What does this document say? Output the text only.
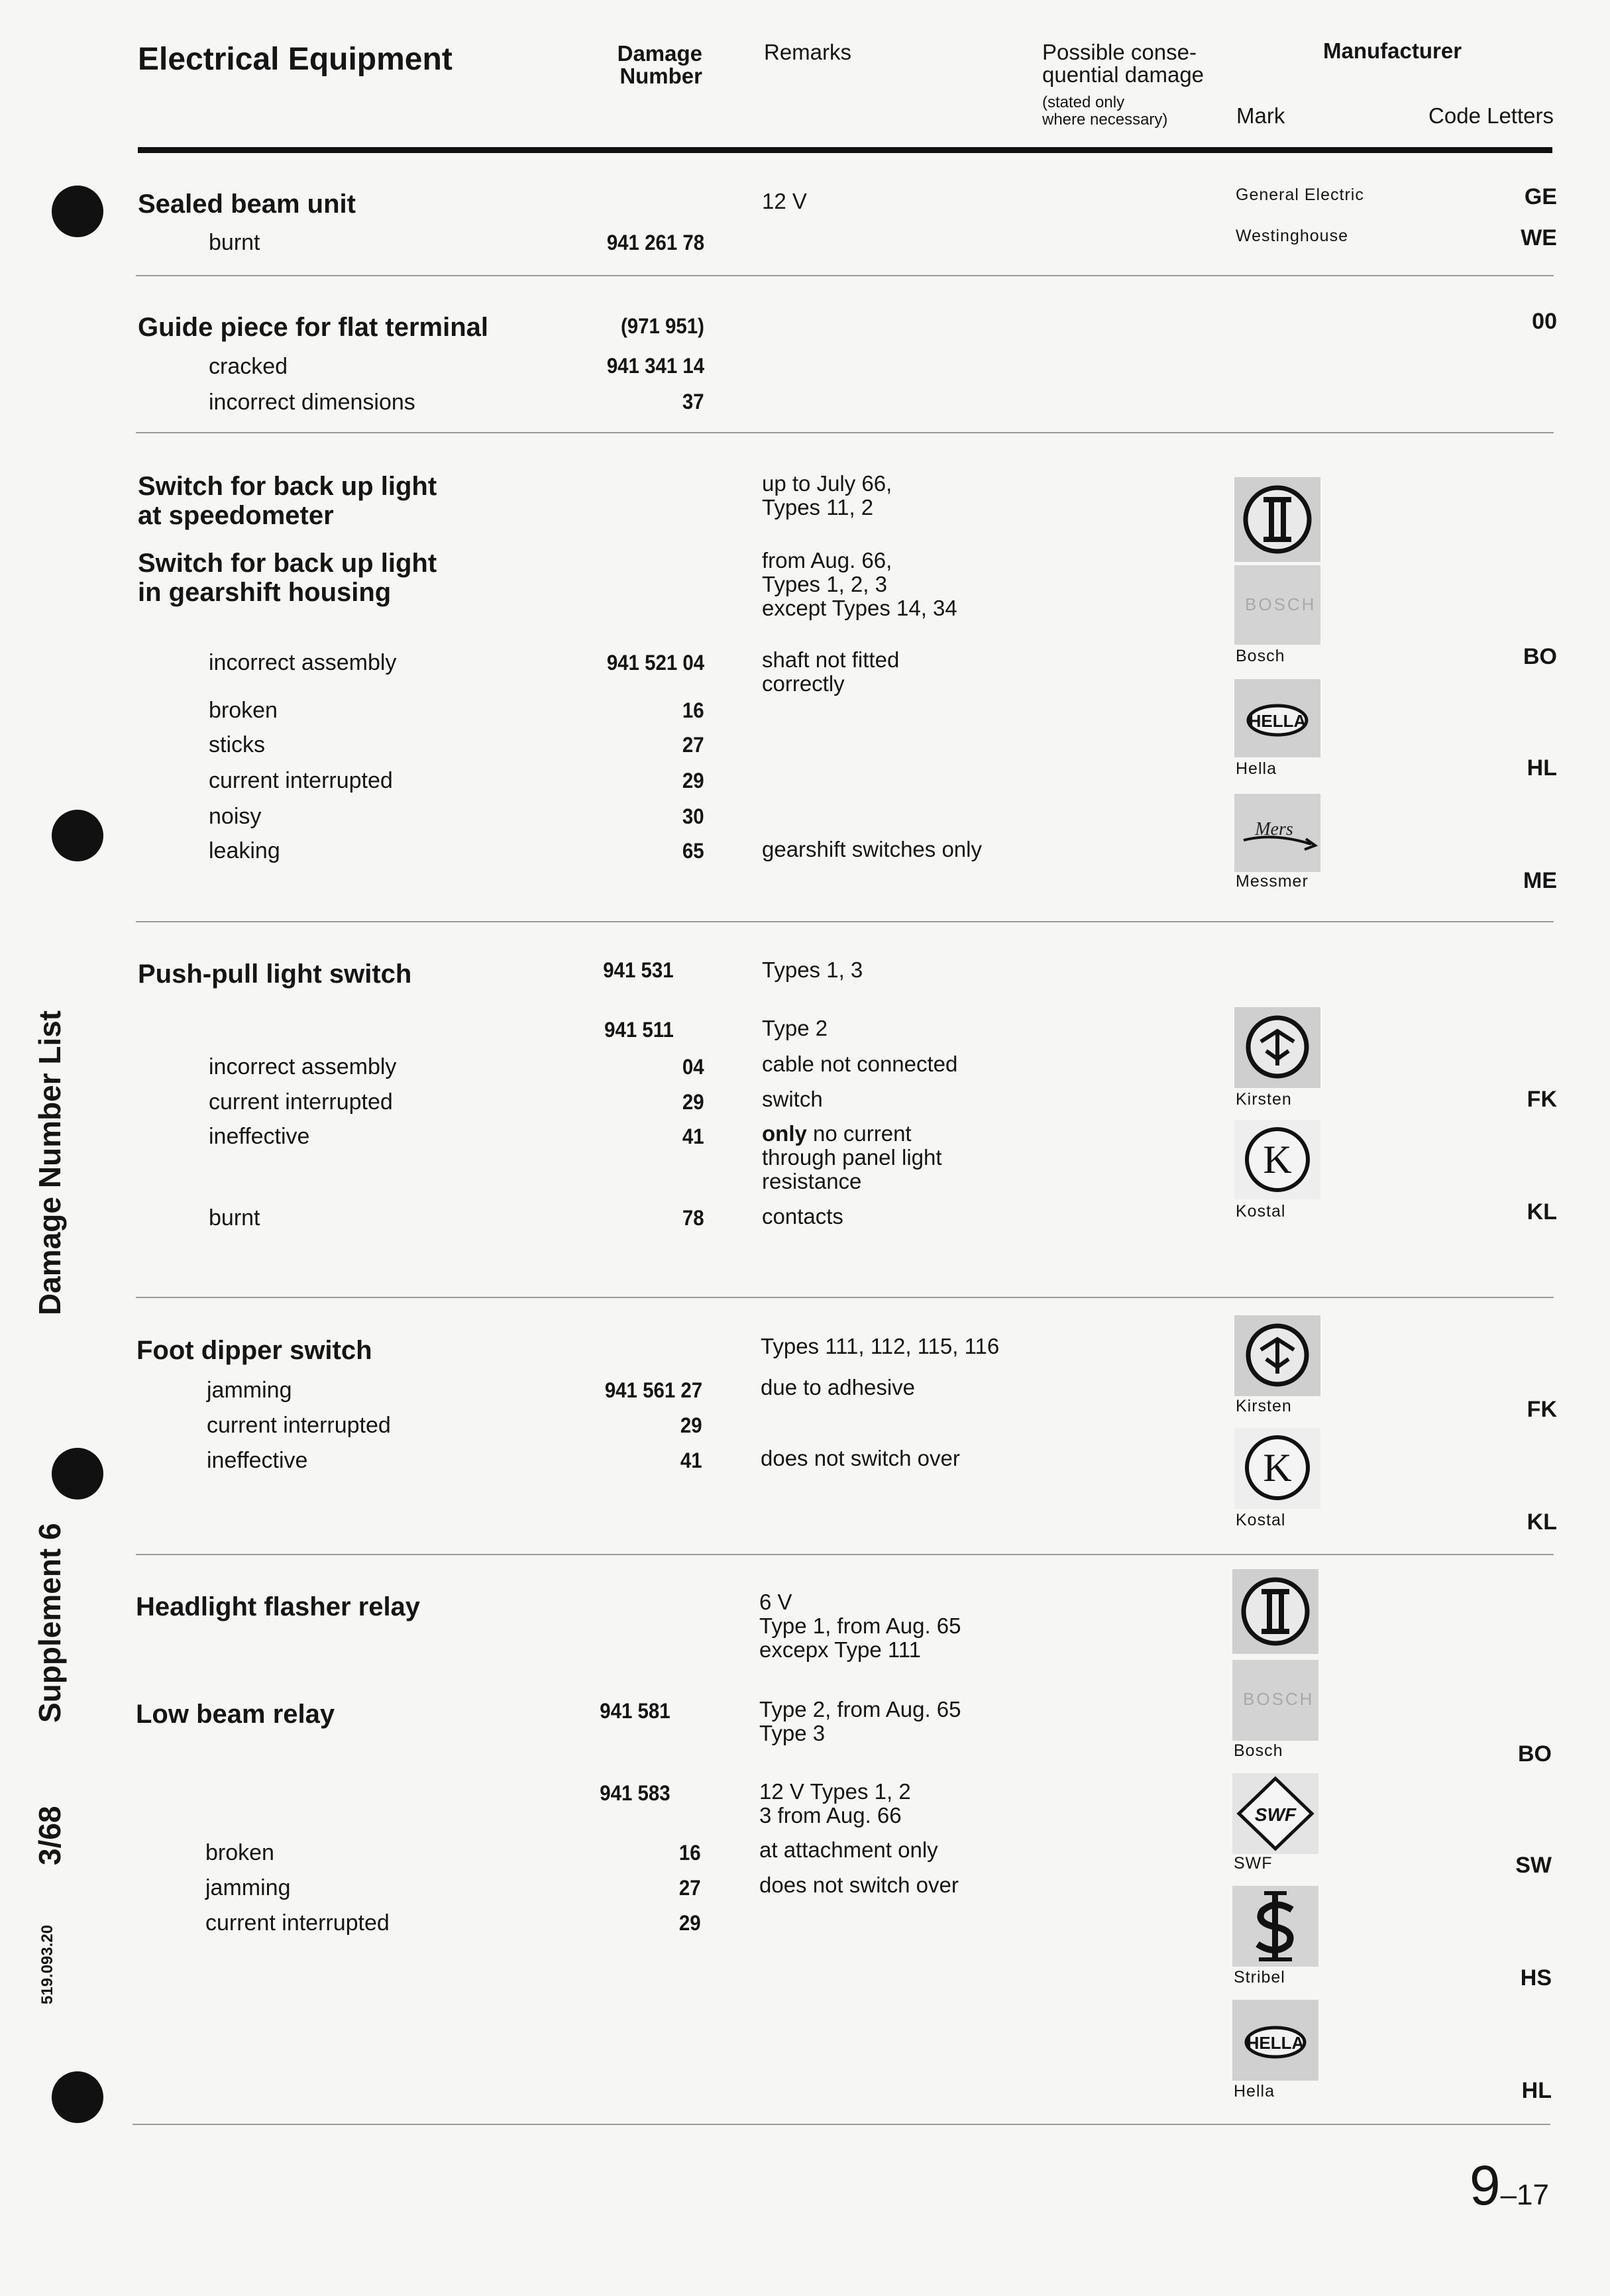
Damage Number List
Supplement 6
3/68
519.093.20
Electrical Equipment	Damage
Number
Remarks	Possible conse-
quential damage
(stated only
where necessary)
Manufacturer
Mark	Code Letters
Sealed beam unit
burnt	941 261 78
12 V	General Electric	GE
Westinghouse	WE
Guide piece for flat terminal	(971 951)	00
cracked	941 341 14
incorrect dimensions	37
Switch for back up light
at speedometer
up to July 66,
Types 11, 2
Switch for back up light
in gearshift housing
from Aug. 66,
Types 1, 2, 3
except Types 14, 34
incorrect assembly	941 521 04	shaft not fitted
correctly
broken	16
sticks	27
current interrupted	29
noisy	30
leaking	65	gearshift switches only
BOSCH
Bosch	BO
HELLA
Hella	HL
Mers
Messmer	ME
Push-pull light switch	941 531	Types 1, 3
941 511	Type 2
incorrect assembly	04	cable not connected
current interrupted	29	switch
ineffective	41	only no current
through panel light
resistance
burnt	78	contacts
Kirsten	FK
K
Kostal	KL
Foot dipper switch	Types 111, 112, 115, 116
jamming	941 561 27	due to adhesive
current interrupted	29
ineffective	41	does not switch over
Kirsten	FK
K
Kostal	KL
Headlight flasher relay	6 V
Type 1, from Aug. 65
excepx Type 111
Low beam relay	941 581	Type 2, from Aug. 65
Type 3
941 583	12 V Types 1, 2
3 from Aug. 66
broken	16	at attachment only
jamming	27	does not switch over
current interrupted	29
BOSCH
Bosch	BO
SWF
SWF	SW
Stribel	HS
HELLA
Hella	HL
9–17
